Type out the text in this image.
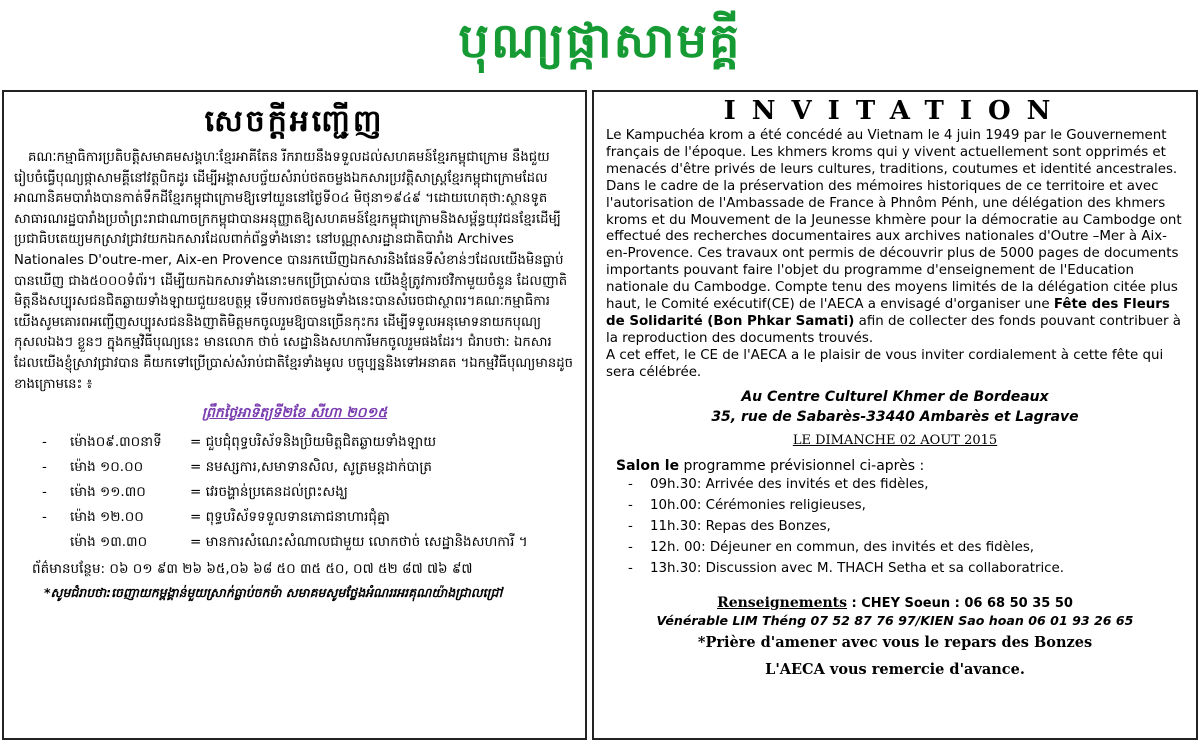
បុណ្យផ្កាសាមគ្គី
សេចក្តីអញ្ជើញ

គណៈកម្មាធិការប្រតិបត្តិសមាគមសង្គហៈខ្មែរអាគីតែន រីករាយនឹងទទួលដល់សហគមន៍ខ្មែរកម្ពុជាក្រោម នឹងជួយរៀបចំធ្វើបុណ្យផ្កាសាមគ្គីនៅវត្តបិកដូរ ដើម្បីអង្គាសបច្ច័យសំរាប់ថតចម្លងឯកសារប្រវត្តិសាស្ត្រខ្មែរកម្ពុជាក្រោមដែលអាណានិគមបារាំងបានកាត់ទឹកដីខ្មែរកម្ពុជាក្រោមឱ្យទៅយួននៅថ្ងៃទី០៤ មិថុនា១៩៤៩ ។ដោយហេតុថា:ស្ថានទូតសាធារណរដ្ឋបារាំងប្រចាំព្រះរាជាណាចក្រកម្ពុជាបានអនុញ្ញាតឱ្យសហគមន៍ខ្មែរកម្ពុជាក្រោមនិងសម្ព័ន្ធយុវជនខ្មែរដើម្បីប្រជាធិបតេយ្យមកស្រាវជ្រាវយកឯកសារដែលពាក់ព័ន្ធទាំងនោះ នៅបណ្ណាសារដ្ឋានជាតិបារាំង Archives Nationales D'outre-mer, Aix-en Provence បានរកឃើញឯកសារនិងផែនទីសំខាន់ៗដែលយើងមិនធ្លាប់បានឃើញ ជាង៥០០០ទំព័រ។ ដើម្បីយកឯកសារទាំងនោះមកប្រើប្រាស់បាន យើងខ្ញុំត្រូវការថវិកាមួយចំនួន ដែលញាតិមិត្តនឹងសប្បុរសជនជិតឆ្ងាយទាំងឡាយជួយឧបត្ថម្ភ ទើបការថតចម្លងទាំងនេះបានសំរេចជាស្ថាពរ។គណៈកម្មាធិការយើងសូមគោរពអញ្ជើញសប្បុរសជននិងញាតិមិត្តមកចូលរួមឱ្យបានច្រើនកុះករ ដើម្បីទទួលអនុមោទនាយកបុណ្យកុសលឯងៗ ខ្លួនៗ ក្នុងកម្មវិធីបុណ្យនេះ មានលោក ថាច់ សេដ្ឋានិងសហការីមកចូលរួមផងដែរ។ ជំរាបថា: ឯកសារដែលយើងខ្ញុំស្រាវជ្រាវបាន គឺយកទៅប្រើប្រាស់សំរាប់ជាតិខ្មែរទាំងមូល បច្ចុប្បន្ននិងទៅអនាគត ។ឯកម្មវិធីបុណ្យមានដូចខាងក្រោមនេះ ៖

ព្រឹកថ្ងៃអាទិត្យទី២ខែ សីហា ២០១៥
-	ម៉ោង០៩.៣០នាទី	= ជួបជុំពុទ្ធបរិស័ទនិងប្រិយមិត្តជិតឆ្ងាយទាំងឡាយ
-	ម៉ោង ១០.០០	= នមស្សការ,សមាទានសិល, សូត្រមន្តដាក់បាត្រ
-	ម៉ោង ១១.៣០	= វេរចង្ហាន់ប្រគេនដល់ព្រះសង្ឃ
-	ម៉ោង ១២.០០	= ពុទ្ធបរិស័ទទទួលទានភោជនាហារជុំគ្នា
ម៉ោង ១៣.៣០	= មានការសំណេះសំណាលជាមួយ លោកថាច់ សេដ្ឋានិងសហការី ។
ព័ត៌មានបន្ថែម: ០៦ ០១ ៩៣ ២៦ ៦៥,០៦ ៦៨ ៥០ ៣៥ ៥០, ០៧ ៥២ ៨៧ ៧៦ ៩៧
*សូមជំរាបថា:ចេញាយកម្ពង្គាន់មួយស្រាក់ធ្លាប់ចកម៉ា សមាគមសូមថ្លែងអំណររអរគុណយ៉ាងជ្រាលជ្រៅ
INVITATION

Le Kampuchéa krom a été concédé au Vietnam le 4 juin 1949 par le Gouvernement français de l'époque. Les khmers kroms qui y vivent actuellement sont opprimés et menacés d'être privés de leurs cultures, traditions, coutumes et identité ancestrales. Dans le cadre de la préservation des mémoires historiques de ce territoire et avec l'autorisation de l'Ambassade de France à Phnôm Pénh, une délégation des khmers kroms et du Mouvement de la Jeunesse khmère pour la démocratie au Cambodge ont effectué des recherches documentaires aux archives nationales d'Outre –Mer à Aix-en-Provence. Ces travaux ont permis de découvrir plus de 5000 pages de documents importants pouvant faire l'objet du programme d'enseignement de l'Education nationale du Cambodge. Compte tenu des moyens limités de la délégation citée plus haut, le Comité exécutif(CE) de l'AECA a envisagé d'organiser une Fête des Fleurs de Solidarité (Bon Phkar Samati) afin de collecter des fonds pouvant contribuer à la reproduction des documents trouvés.

A cet effet, le CE de l'AECA a le plaisir de vous inviter cordialement à cette fête qui sera célébrée.

Au Centre Culturel Khmer de Bordeaux
35, rue de Sabarès-33440 Ambarès et Lagrave
LE DIMANCHE 02 AOUT 2015
Salon le programme prévisionnel ci-après :
-	09h.30 : Arrivée des invités et des fidèles,
-	10h.00 : Cérémonies religieuses,
-	11h.30 : Repas des Bonzes,
-	12h. 00 : Déjeuner en commun, des invités et des fidèles,
-	13h.30 : Discussion avec M. THACH Setha et sa collaboratrice.
Renseignements : CHEY Soeun : 06 68 50 35 50
Vénérable LIM Théng 07 52 87 76 97/KIEN Sao hoan 06 01 93 26 65
*Prière d'amener avec vous le repars des Bonzes
L'AECA vous remercie d'avance.
